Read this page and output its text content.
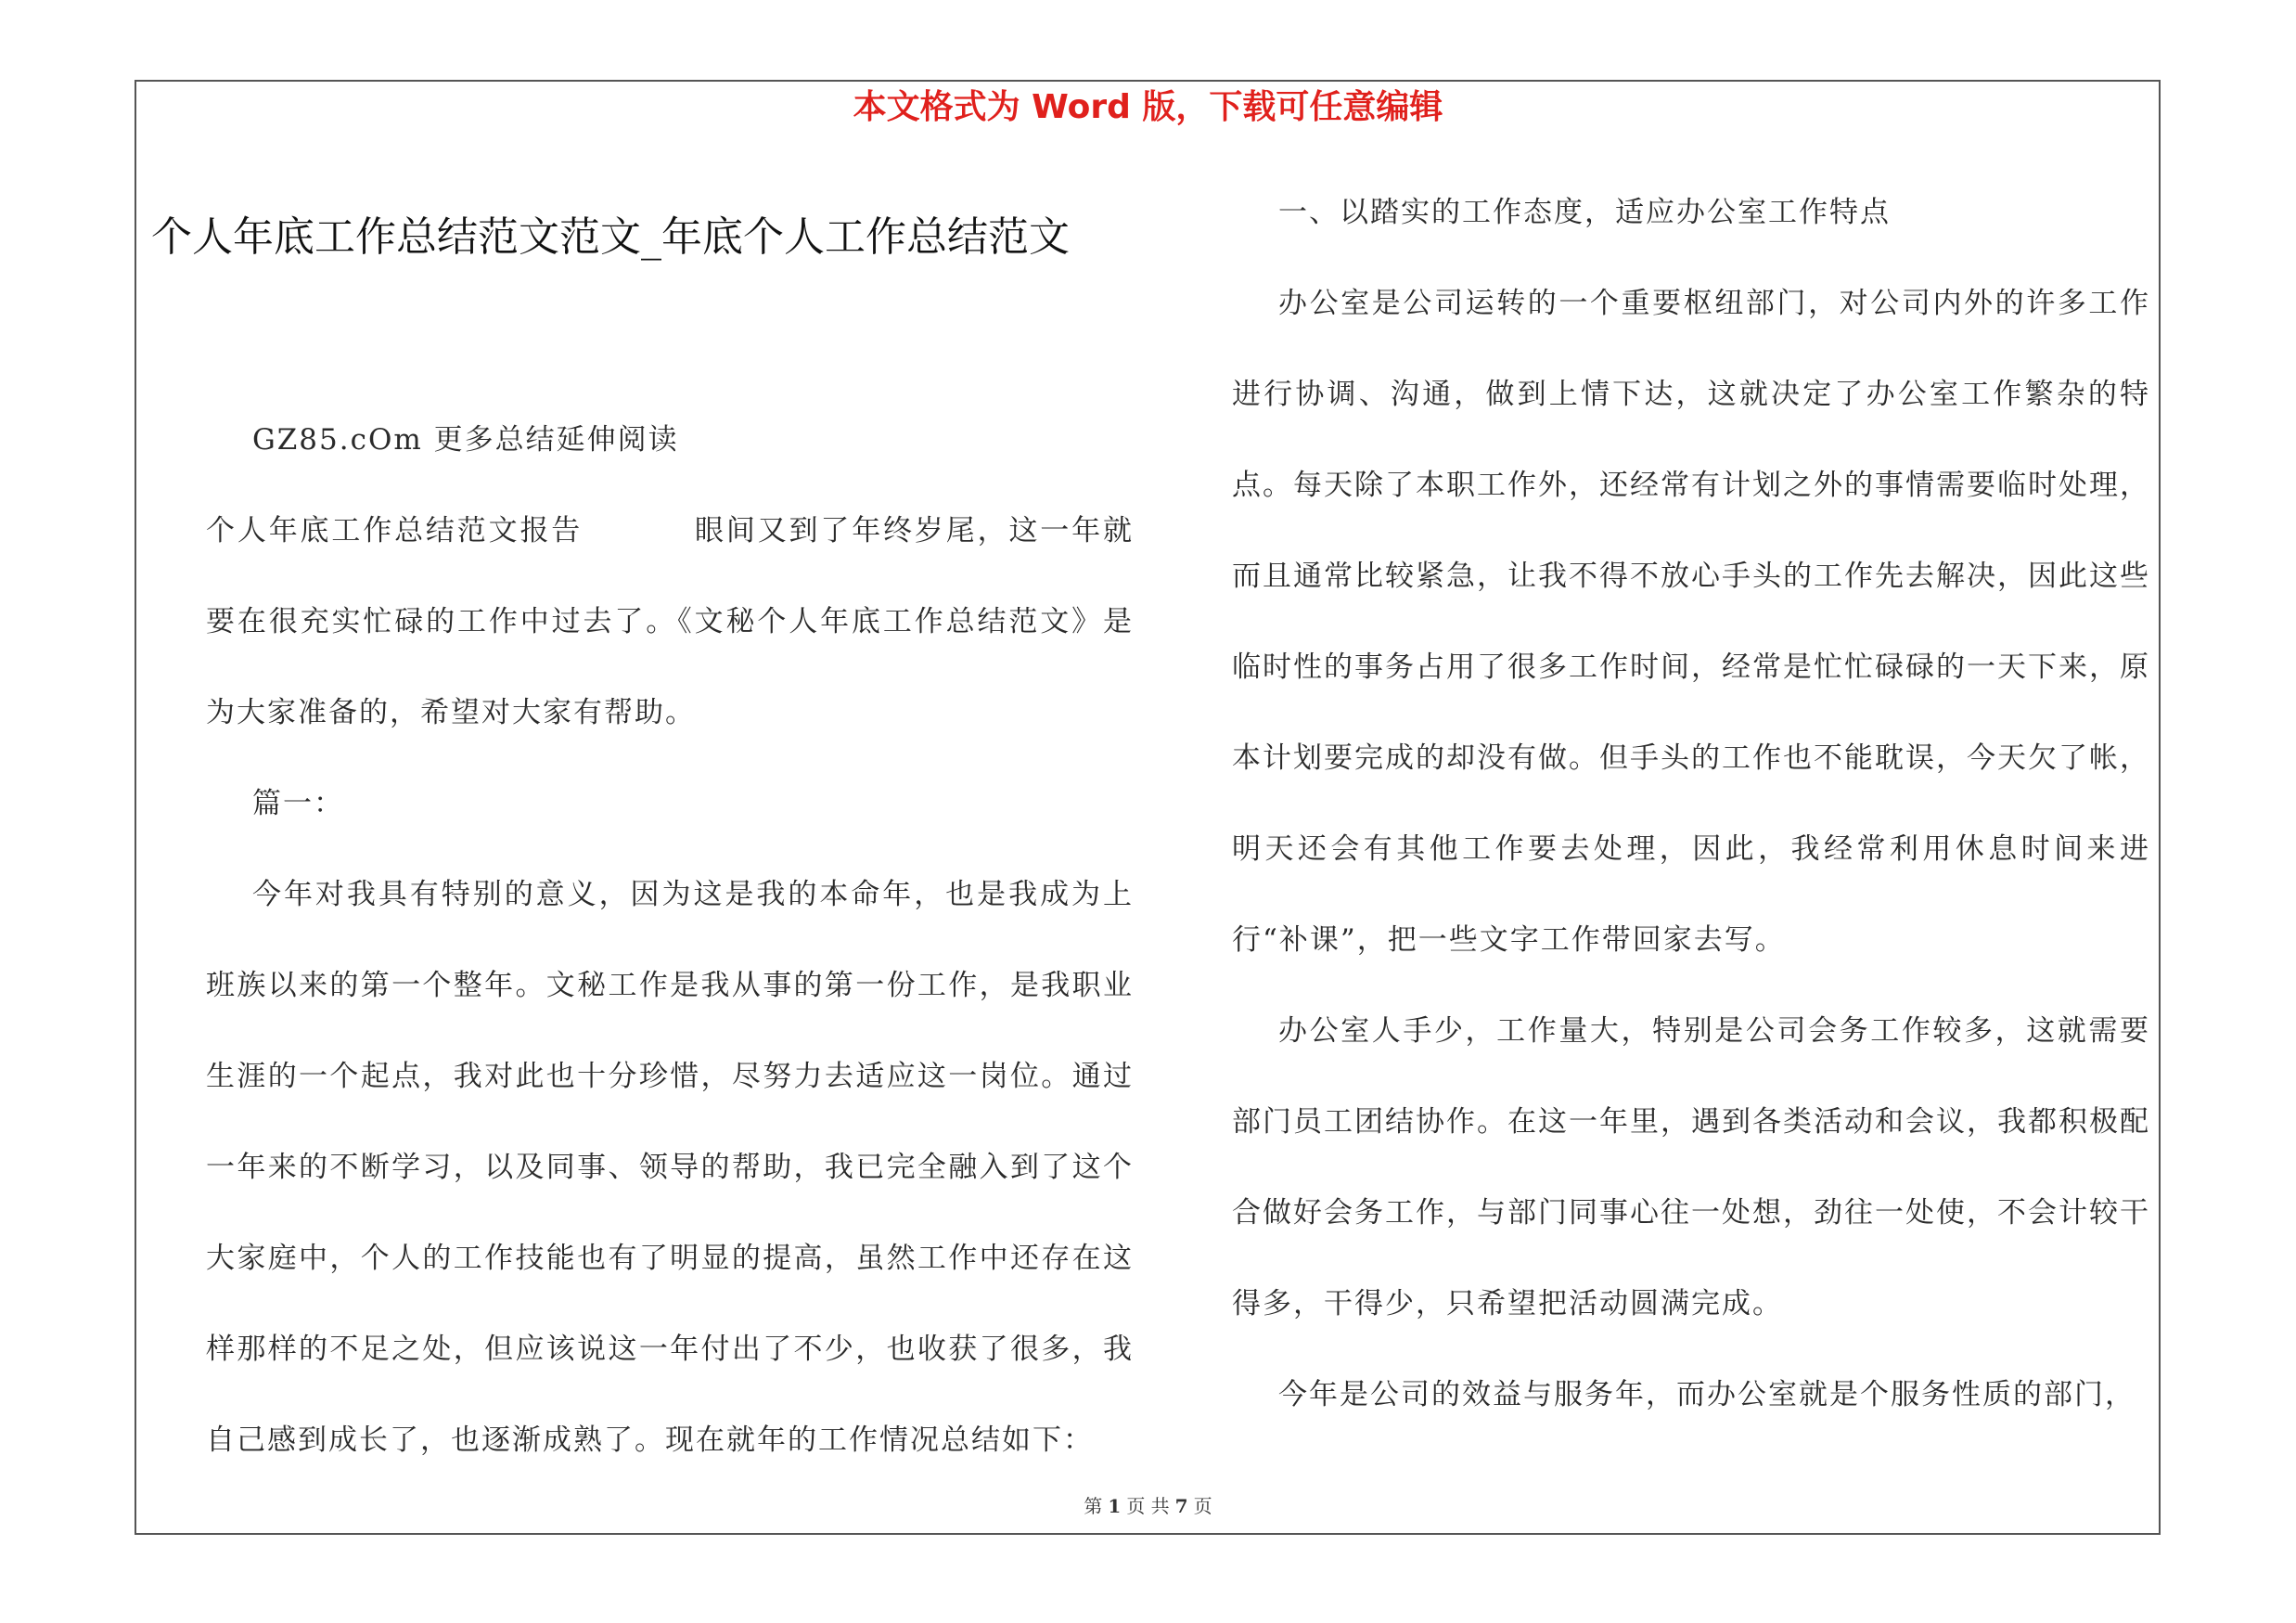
本文格式为 Word 版，下载可任意编辑
个人年底工作总结范文范文_年底个人工作总结范文

GZ85.cOm 更多总结延伸阅读

个人年底工作总结范文报告	眼间又到了年终岁尾，这一年就要在很充实忙碌的工作中过去了。《文秘个人年底工作总结范文》是为大家准备的，希望对大家有帮助。

篇一：

今年对我具有特别的意义，因为这是我的本命年，也是我成为上班族以来的第一个整年。文秘工作是我从事的第一份工作，是我职业生涯的一个起点，我对此也十分珍惜，尽努力去适应这一岗位。通过一年来的不断学习，以及同事、领导的帮助，我已完全融入到了这个大家庭中，个人的工作技能也有了明显的提高，虽然工作中还存在这样那样的不足之处，但应该说这一年付出了不少，也收获了很多，我自己感到成长了，也逐渐成熟了。现在就年的工作情况总结如下：

一、以踏实的工作态度，适应办公室工作特点

办公室是公司运转的一个重要枢纽部门，对公司内外的许多工作进行协调、沟通，做到上情下达，这就决定了办公室工作繁杂的特点。每天除了本职工作外，还经常有计划之外的事情需要临时处理，而且通常比较紧急，让我不得不放心手头的工作先去解决，因此这些临时性的事务占用了很多工作时间，经常是忙忙碌碌的一天下来，原本计划要完成的却没有做。但手头的工作也不能耽误，今天欠了帐，明天还会有其他工作要去处理，因此，我经常利用休息时间来进行“补课”，把一些文字工作带回家去写。

办公室人手少，工作量大，特别是公司会务工作较多，这就需要部门员工团结协作。在这一年里，遇到各类活动和会议，我都积极配合做好会务工作，与部门同事心往一处想，劲往一处使，不会计较干得多，干得少，只希望把活动圆满完成。

今年是公司的效益与服务年，而办公室就是个服务性质的部门，

第 1 页 共 7 页
